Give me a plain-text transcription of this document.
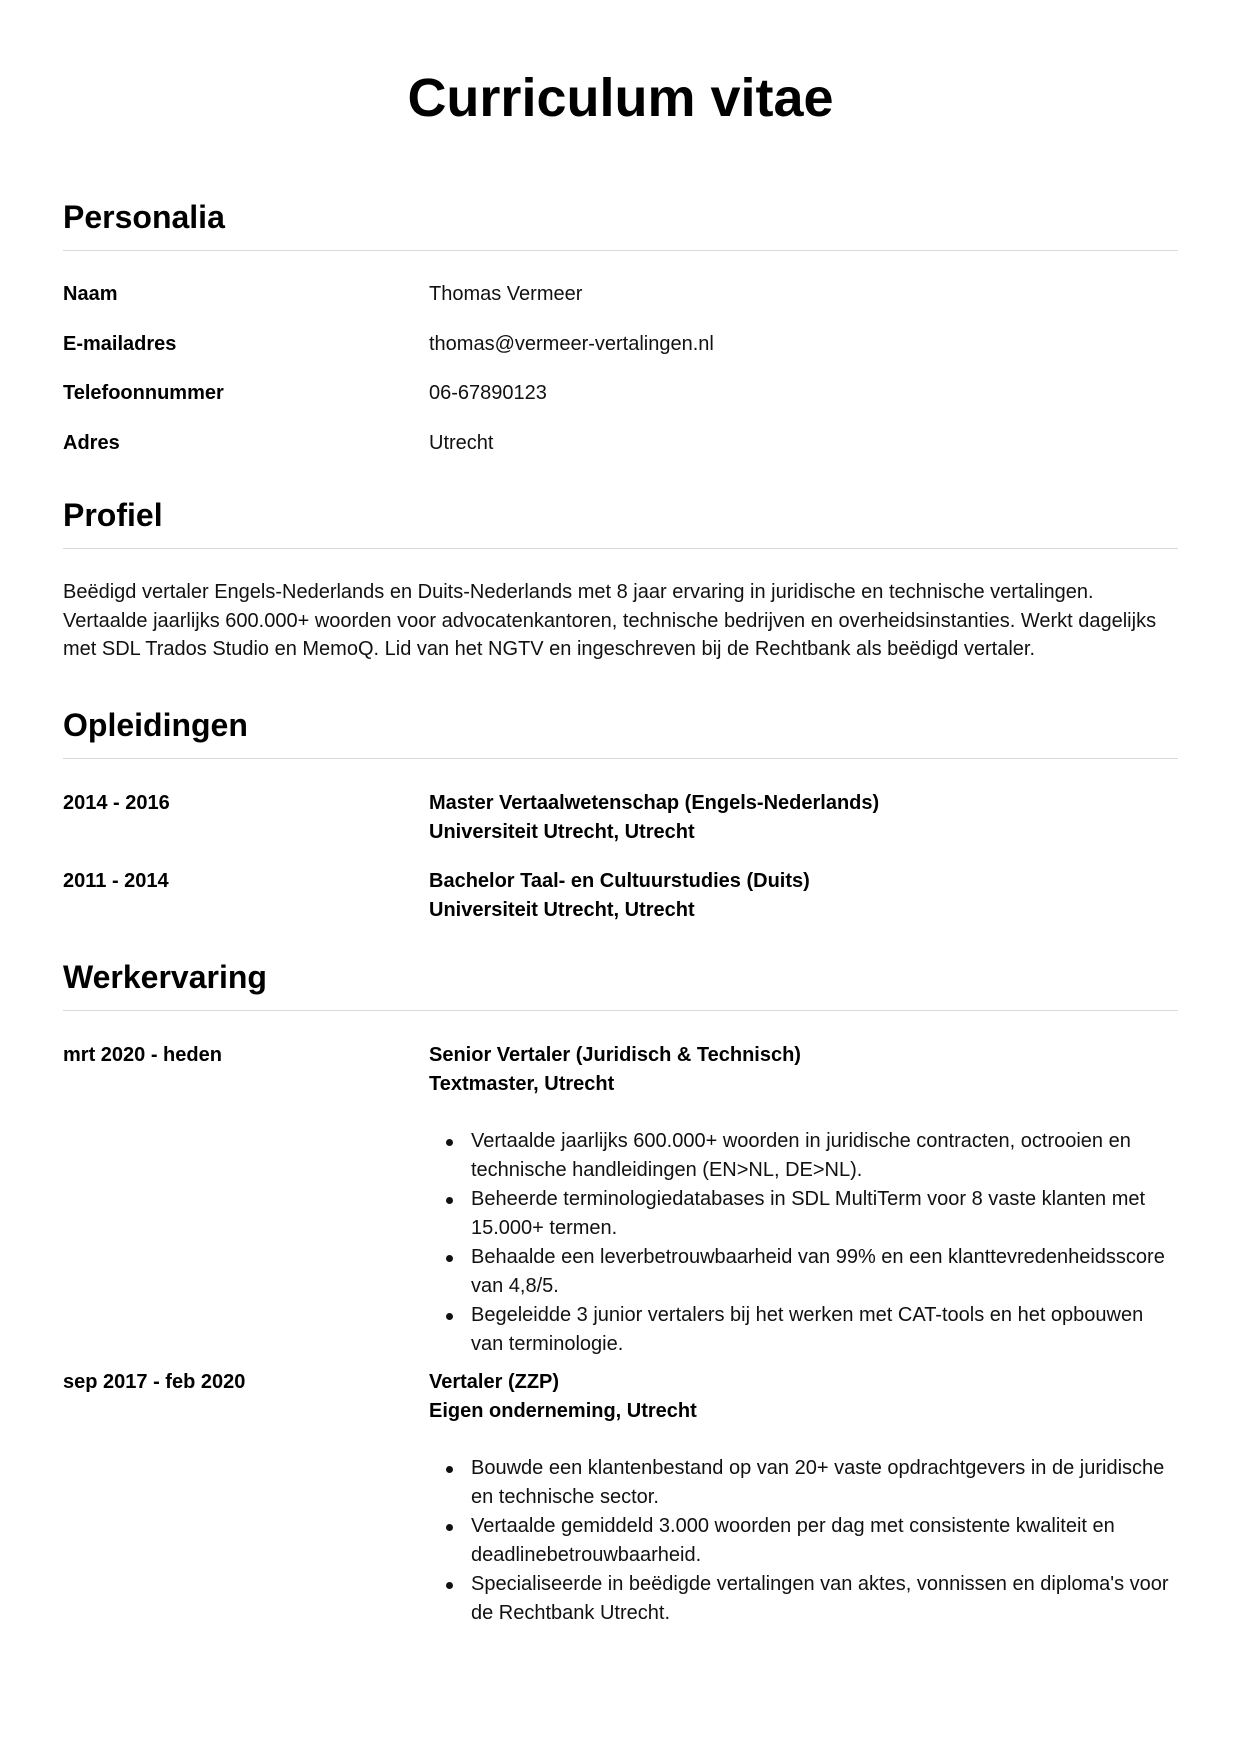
Curriculum vitae
Personalia
Naam	Thomas Vermeer
E-mailadres	thomas@vermeer-vertalingen.nl
Telefoonnummer	06-67890123
Adres	Utrecht
Profiel

Beëdigd vertaler Engels-Nederlands en Duits-Nederlands met 8 jaar ervaring in juridische en technische vertalingen. Vertaalde jaarlijks 600.000+ woorden voor advocatenkantoren, technische bedrijven en overheidsinstanties. Werkt dagelijks met SDL Trados Studio en MemoQ. Lid van het NGTV en ingeschreven bij de Rechtbank als beëdigd vertaler.

Opleidingen
2014 - 2016	Master Vertaalwetenschap (Engels-Nederlands)
Universiteit Utrecht, Utrecht
2011 - 2014	Bachelor Taal- en Cultuurstudies (Duits)
Universiteit Utrecht, Utrecht
Werkervaring
mrt 2020 - heden	Senior Vertaler (Juridisch & Technisch)
Textmaster, Utrecht
Vertaalde jaarlijks 600.000+ woorden in juridische contracten, octrooien en technische handleidingen (EN>NL, DE>NL).
Beheerde terminologiedatabases in SDL MultiTerm voor 8 vaste klanten met 15.000+ termen.
Behaalde een leverbetrouwbaarheid van 99% en een klanttevredenheidsscore van 4,8/5.
Begeleidde 3 junior vertalers bij het werken met CAT-tools en het opbouwen van terminologie.
sep 2017 - feb 2020	Vertaler (ZZP)
Eigen onderneming, Utrecht
Bouwde een klantenbestand op van 20+ vaste opdrachtgevers in de juridische en technische sector.
Vertaalde gemiddeld 3.000 woorden per dag met consistente kwaliteit en deadlinebetrouwbaarheid.
Specialiseerde in beëdigde vertalingen van aktes, vonnissen en diploma's voor de Rechtbank Utrecht.
